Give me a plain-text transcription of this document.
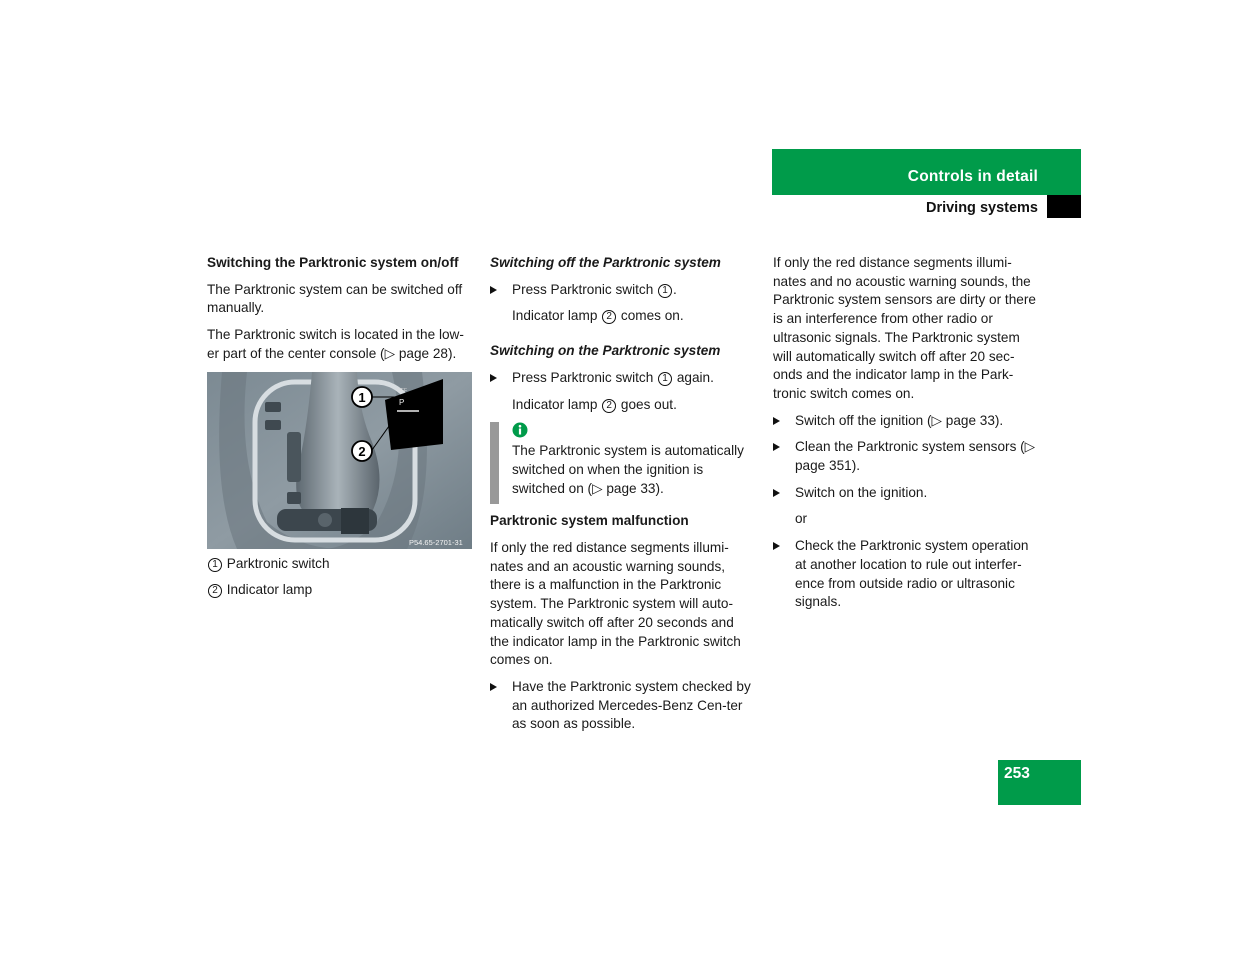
Controls in detail
Driving systems
253

Switching the Parktronic system on/off

The Parktronic system can be switched off manually.

The Parktronic switch is located in the low-er part of the center console (▷ page 28).

OFF
P
1
2
P54.65-2701-31

1 Parktronic switch

2 Indicator lamp

Switching off the Parktronic system

Press Parktronic switch 1 .

Indicator lamp 2 comes on.

Switching on the Parktronic system

Press Parktronic switch 1 again.

Indicator lamp 2 goes out.

The Parktronic system is automatically switched on when the ignition is switched on (▷ page 33).

Parktronic system malfunction

If only the red distance segments illumi-nates and an acoustic warning sounds, there is a malfunction in the Parktronic system. The Parktronic system will auto-matically switch off after 20 seconds and the indicator lamp in the Parktronic switch comes on.

Have the Parktronic system checked by an authorized Mercedes-Benz Cen-ter as soon as possible.

If only the red distance segments illumi-nates and no acoustic warning sounds, the Parktronic system sensors are dirty or there is an interference from other radio or ultrasonic signals. The Parktronic system will automatically switch off after 20 sec-onds and the indicator lamp in the Park-tronic switch comes on.

Switch off the ignition (▷ page 33).

Clean the Parktronic system sensors (▷ page 351).

Switch on the ignition.

or

Check the Parktronic system operation at another location to rule out interfer-ence from outside radio or ultrasonic signals.
